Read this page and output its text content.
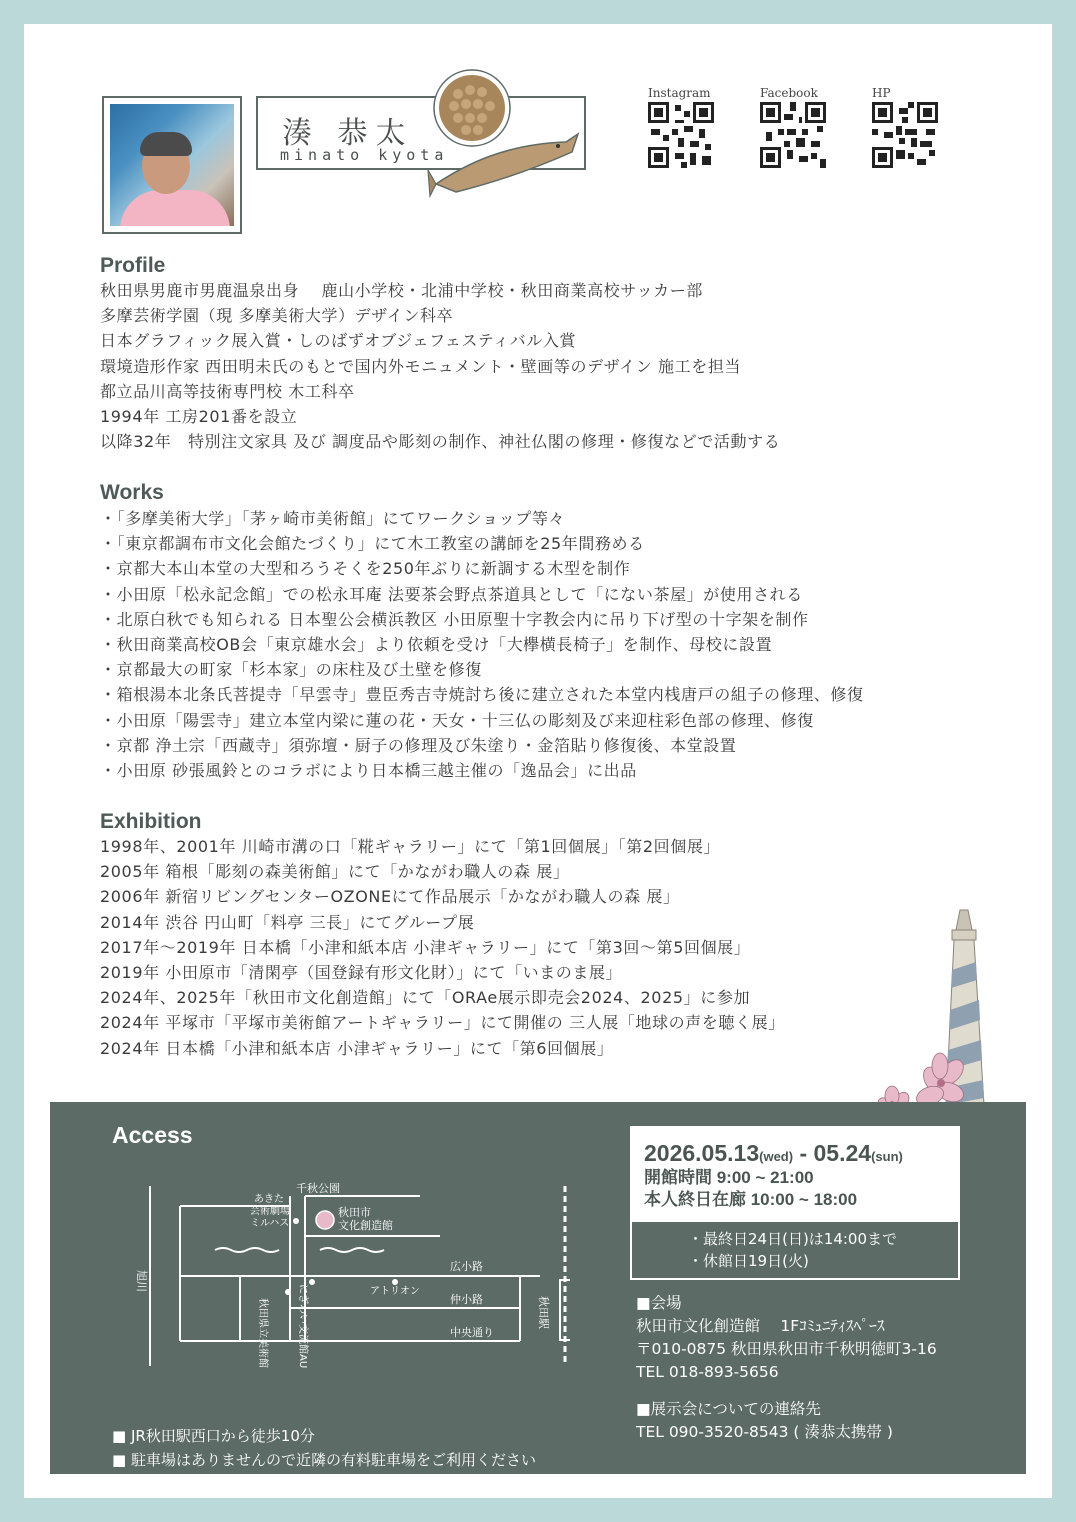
湊 恭太
minato kyota
Instagram	Facebook	HP
Profile
秋田県男鹿市男鹿温泉出身　 鹿山小学校・北浦中学校・秋田商業高校サッカー部
多摩芸術学園（現 多摩美術大学）デザイン科卒
日本グラフィック展入賞・しのばずオブジェフェスティバル入賞
環境造形作家 西田明未氏のもとで国内外モニュメント・壁画等のデザイン 施工を担当
都立品川高等技術専門校 木工科卒
1994年 工房201番を設立
以降32年　特別注文家具 及び 調度品や彫刻の制作、神社仏閣の修理・修復などで活動する
Works
・「多摩美術大学」「茅ヶ崎市美術館」にてワークショップ等々
・「東京都調布市文化会館たづくり」にて木工教室の講師を25年間務める
・京都大本山本堂の大型和ろうそくを250年ぶりに新調する木型を制作
・小田原「松永記念館」での松永耳庵 法要茶会野点茶道具として「にない茶屋」が使用される
・北原白秋でも知られる 日本聖公会横浜教区 小田原聖十字教会内に吊り下げ型の十字架を制作
・秋田商業高校OB会「東京雄水会」より依頼を受け「大欅横長椅子」を制作、母校に設置
・京都最大の町家「杉本家」の床柱及び土壁を修復
・箱根湯本北条氏菩提寺「早雲寺」豊臣秀吉寺焼討ち後に建立された本堂内桟唐戸の組子の修理、修復
・小田原「陽雲寺」建立本堂内梁に蓮の花・天女・十三仏の彫刻及び来迎柱彩色部の修理、修復
・京都 浄土宗「西蔵寺」須弥壇・厨子の修理及び朱塗り・金箔貼り修復後、本堂設置
・小田原 砂張風鈴とのコラボにより日本橋三越主催の「逸品会」に出品
Exhibition
1998年、2001年 川崎市溝の口「糀ギャラリー」にて「第1回個展」「第2回個展」
2005年 箱根「彫刻の森美術館」にて「かながわ職人の森 展」
2006年 新宿リビングセンターOZONEにて作品展示「かながわ職人の森 展」
2014年 渋谷 円山町「料亭 三長」にてグループ展
2017年～2019年 日本橋「小津和紙本店 小津ギャラリー」にて「第3回～第5回個展」
2019年 小田原市「清閑亭（国登録有形文化財）」にて「いまのま展」
2024年、2025年「秋田市文化創造館」にて「ORAe展示即売会2024、2025」に参加
2024年 平塚市「平塚市美術館アートギャラリー」にて開催の 三人展「地球の声を聴く展」
2024年 日本橋「小津和紙本店 小津ギャラリー」にて「第6回個展」
Access
千秋公園
あきた
芸術劇場
ミルハス
秋田市
文化創造館
旭川
広小路
仲小路
中央通り
秋田駅
アトリオン
秋田県立美術館	にぎわい交流館AU
2026.05.13(wed) - 05.24(sun)
開館時間 9:00 ~ 21:00
本人終日在廊 10:00 ~ 18:00
・最終日24日(日)は14:00まで
・休館日19日(火)
■会場
秋田市文化創造館　 1Fｺﾐｭﾆﾃｨｽﾍﾟｰｽ
〒010-0875 秋田県秋田市千秋明徳町3-16
TEL 018-893-5656
■展示会についての連絡先
TEL 090-3520-8543 ( 湊恭太携帯 )
■ JR秋田駅西口から徒歩10分
■ 駐車場はありませんので近隣の有料駐車場をご利用ください
